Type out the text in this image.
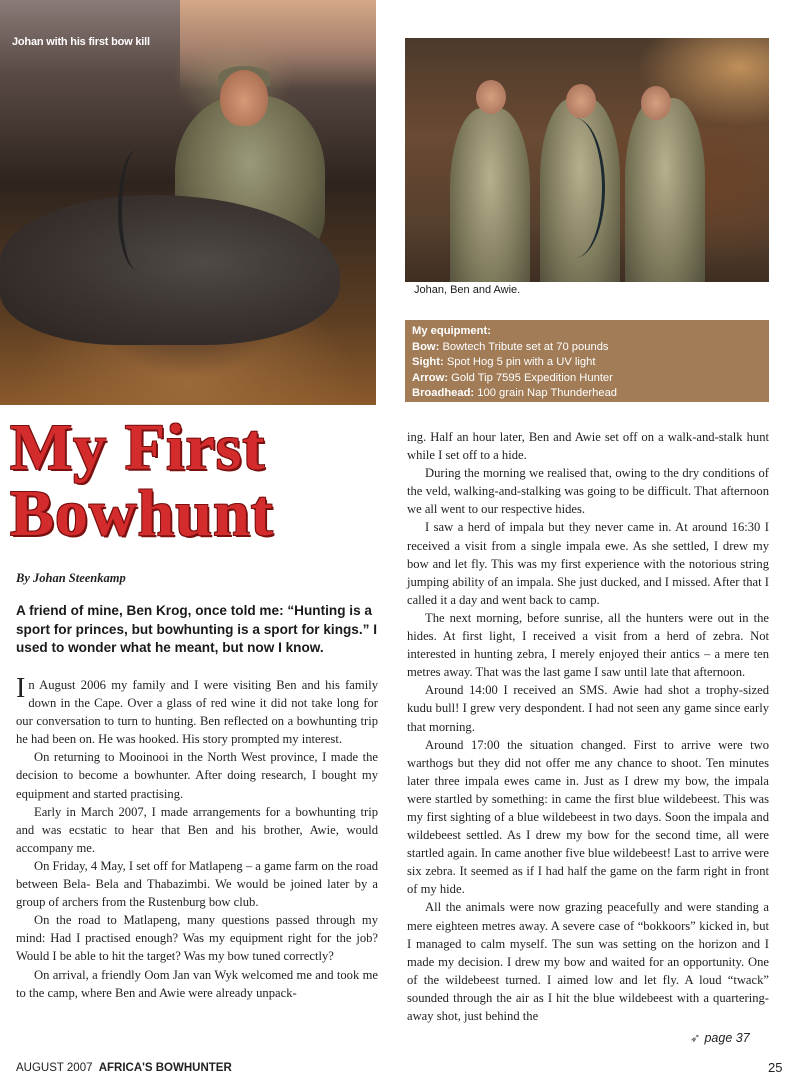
Johan with his first bow kill
Johan, Ben and Awie.
My equipment:
Bow: Bowtech Tribute set at 70 pounds
Sight: Spot Hog 5 pin with a UV light
Arrow: Gold Tip 7595 Expedition Hunter
Broadhead: 100 grain Nap Thunderhead
My First
Bowhunt
By Johan Steenkamp
A friend of mine, Ben Krog, once told me: “Hunting is a sport for princes, but bowhunting is a sport for kings.” I used to wonder what he meant, but now I know.

In August 2006 my family and I were visiting Ben and his family down in the Cape. Over a glass of red wine it did not take long for our conversation to turn to hunting. Ben reflected on a bowhunting trip he had been on. He was hooked. His story prompted my interest.

On returning to Mooinooi in the North West province, I made the decision to become a bowhunter. After doing research, I bought my equipment and started practising.

Early in March 2007, I made arrangements for a bowhunting trip and was ecstatic to hear that Ben and his brother, Awie, would accompany me.

On Friday, 4 May, I set off for Matlapeng – a game farm on the road between Bela- Bela and Thabazimbi. We would be joined later by a group of archers from the Rustenburg bow club.

On the road to Matlapeng, many questions passed through my mind: Had I practised enough? Was my equipment right for the job? Would I be able to hit the target? Was my bow tuned correctly?

On arrival, a friendly Oom Jan van Wyk welcomed me and took me to the camp, where Ben and Awie were already unpack-

ing. Half an hour later, Ben and Awie set off on a walk-and-stalk hunt while I set off to a hide.

During the morning we realised that, owing to the dry conditions of the veld, walking-and-stalking was going to be difficult. That afternoon we all went to our respective hides.

I saw a herd of impala but they never came in. At around 16:30 I received a visit from a single impala ewe. As she settled, I drew my bow and let fly. This was my first experience with the notorious string jumping ability of an impala. She just ducked, and I missed. After that I called it a day and went back to camp.

The next morning, before sunrise, all the hunters were out in the hides. At first light, I received a visit from a herd of zebra. Not interested in hunting zebra, I merely enjoyed their antics – a mere ten metres away. That was the last game I saw until late that afternoon.

Around 14:00 I received an SMS. Awie had shot a trophy-sized kudu bull! I grew very despondent. I had not seen any game since early that morning.

Around 17:00 the situation changed. First to arrive were two warthogs but they did not offer me any chance to shoot. Ten minutes later three impala ewes came in. Just as I drew my bow, the impala were startled by something: in came the first blue wildebeest. This was my first sighting of a blue wildebeest in two days. Soon the impala and wildebeest settled. As I drew my bow for the second time, all were startled again. In came another five blue wildebeest! Last to arrive were six zebra. It seemed as if I had half the game on the farm right in front of my hide.

All the animals were now grazing peacefully and were standing a mere eighteen metres away. A severe case of “bokkoors” kicked in, but I managed to calm myself. The sun was setting on the horizon and I made my decision. I drew my bow and waited for an opportunity. One of the wildebeest turned. I aimed low and let fly. A loud “twack” sounded through the air as I hit the blue wildebeest with a quartering-away shot, just behind the

➶ page 37
AUGUST 2007 AFRICA'S BOWHUNTER	25
